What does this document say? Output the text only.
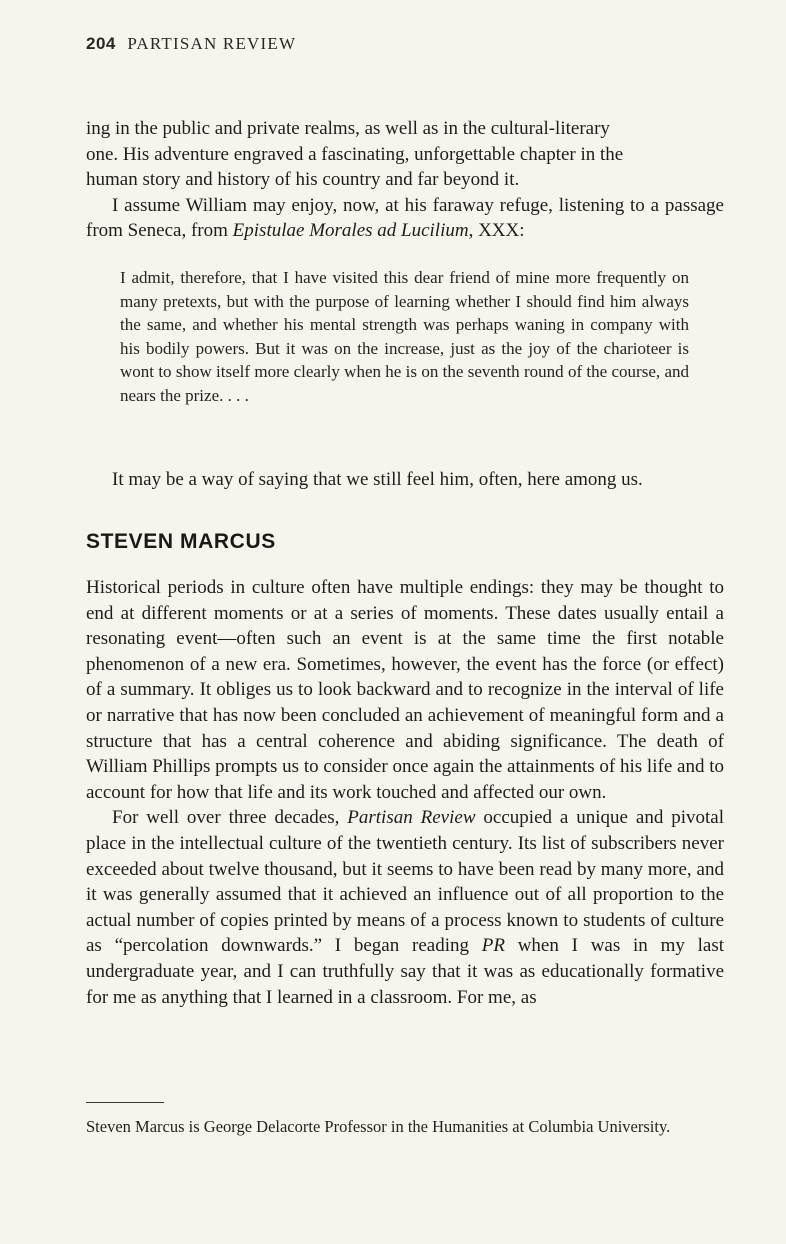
204 PARTISAN REVIEW

ing in the public and private realms, as well as in the cultural-literary
one. His adventure engraved a fascinating, unforgettable chapter in the
human story and history of his country and far beyond it.

I assume William may enjoy, now, at his faraway refuge, listening to a passage from Seneca, from Epistulae Morales ad Lucilium, XXX:

I admit, therefore, that I have visited this dear friend of mine more frequently on many pretexts, but with the purpose of learning whether I should find him always the same, and whether his mental strength was perhaps waning in company with his bodily powers. But it was on the increase, just as the joy of the charioteer is wont to show itself more clearly when he is on the seventh round of the course, and nears the prize. . . .

It may be a way of saying that we still feel him, often, here among us.
STEVEN MARCUS

Historical periods in culture often have multiple endings: they may be thought to end at different moments or at a series of moments. These dates usually entail a resonating event—often such an event is at the same time the first notable phenomenon of a new era. Sometimes, however, the event has the force (or effect) of a summary. It obliges us to look backward and to recognize in the interval of life or narrative that has now been concluded an achievement of meaningful form and a structure that has a central coherence and abiding significance. The death of William Phillips prompts us to consider once again the attainments of his life and to account for how that life and its work touched and affected our own.

For well over three decades, Partisan Review occupied a unique and pivotal place in the intellectual culture of the twentieth century. Its list of subscribers never exceeded about twelve thousand, but it seems to have been read by many more, and it was generally assumed that it achieved an influence out of all proportion to the actual number of copies printed by means of a process known to students of culture as “percolation downwards.” I began reading PR when I was in my last undergraduate year, and I can truthfully say that it was as educationally formative for me as anything that I learned in a classroom. For me, as

Steven Marcus is George Delacorte Professor in the Humanities at Columbia University.
